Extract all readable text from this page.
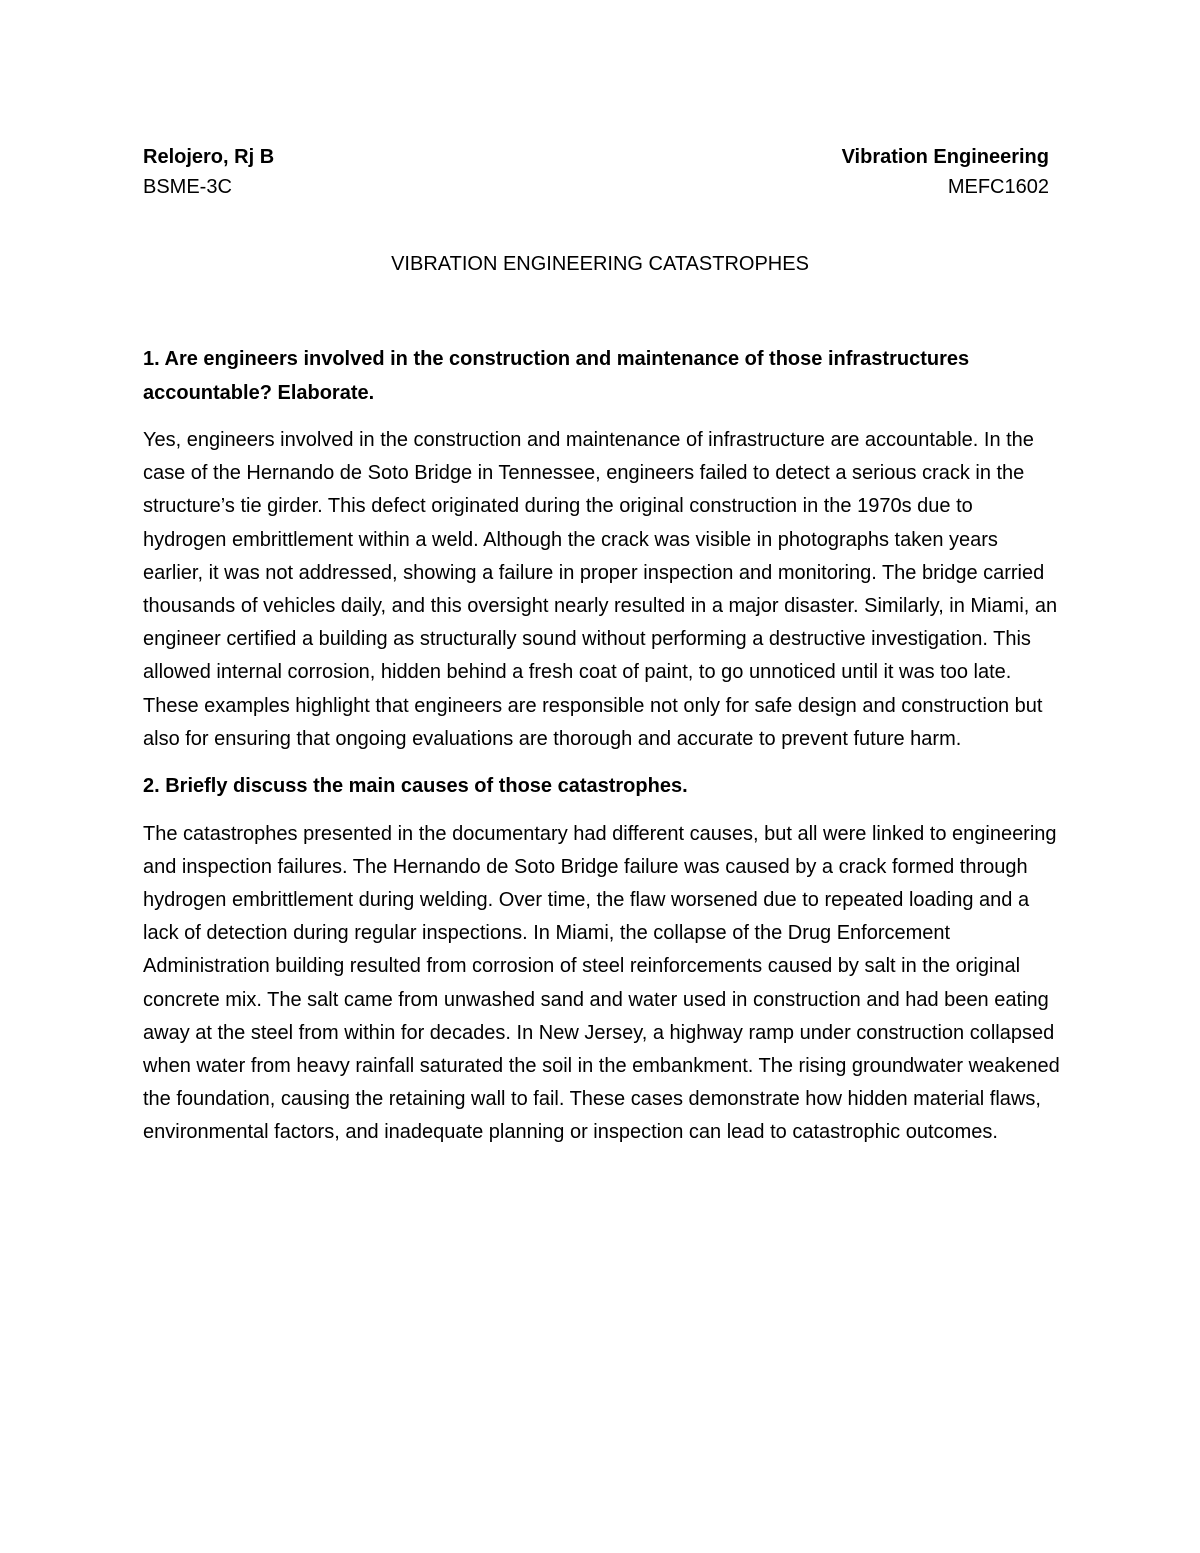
Relojero, Rj B	Vibration Engineering
BSME-3C	MEFC1602
VIBRATION ENGINEERING CATASTROPHES

1. Are engineers involved in the construction and maintenance of those infrastructures accountable? Elaborate.

Yes, engineers involved in the construction and maintenance of infrastructure are accountable. In the case of the Hernando de Soto Bridge in Tennessee, engineers failed to detect a serious crack in the structure’s tie girder. This defect originated during the original construction in the 1970s due to hydrogen embrittlement within a weld. Although the crack was visible in photographs taken years earlier, it was not addressed, showing a failure in proper inspection and monitoring. The bridge carried thousands of vehicles daily, and this oversight nearly resulted in a major disaster. Similarly, in Miami, an engineer certified a building as structurally sound without performing a destructive investigation. This allowed internal corrosion, hidden behind a fresh coat of paint, to go unnoticed until it was too late. These examples highlight that engineers are responsible not only for safe design and construction but also for ensuring that ongoing evaluations are thorough and accurate to prevent future harm.

2. Briefly discuss the main causes of those catastrophes.

The catastrophes presented in the documentary had different causes, but all were linked to engineering and inspection failures. The Hernando de Soto Bridge failure was caused by a crack formed through hydrogen embrittlement during welding. Over time, the flaw worsened due to repeated loading and a lack of detection during regular inspections. In Miami, the collapse of the Drug Enforcement Administration building resulted from corrosion of steel reinforcements caused by salt in the original concrete mix. The salt came from unwashed sand and water used in construction and had been eating away at the steel from within for decades. In New Jersey, a highway ramp under construction collapsed when water from heavy rainfall saturated the soil in the embankment. The rising groundwater weakened the foundation, causing the retaining wall to fail. These cases demonstrate how hidden material flaws, environmental factors, and inadequate planning or inspection can lead to catastrophic outcomes.
